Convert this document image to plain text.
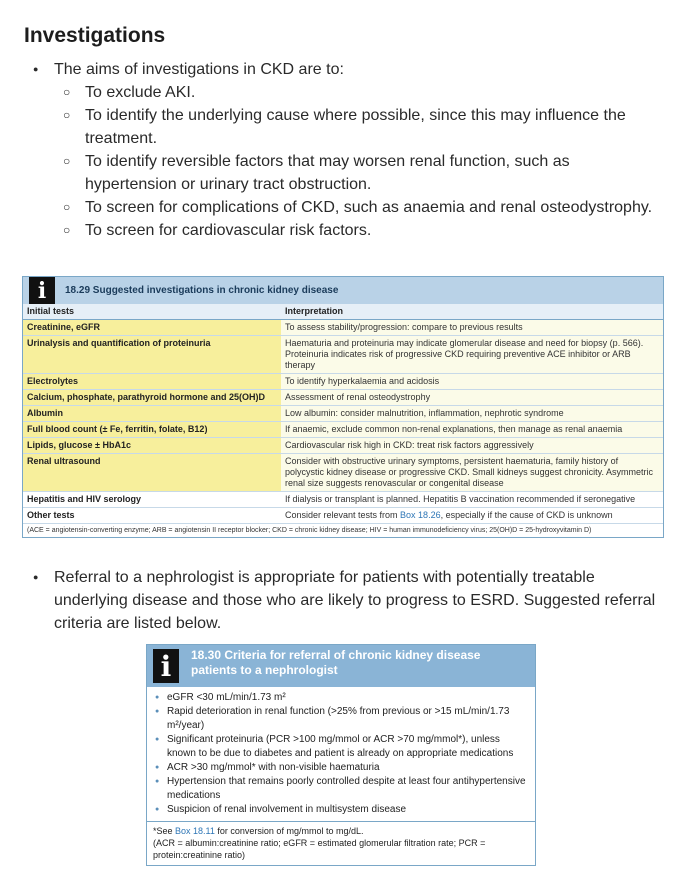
Investigations
● The aims of investigations in CKD are to:
○ To exclude AKI.
○ To identify the underlying cause where possible, since this may influence the treatment.
○ To identify reversible factors that may worsen renal function, such as hypertension or urinary tract obstruction.
○ To screen for complications of CKD, such as anaemia and renal osteodystrophy.
○ To screen for cardiovascular risk factors.
i	18.29 Suggested investigations in chronic kidney disease
Initial tests	Interpretation
Creatinine, eGFR	To assess stability/progression: compare to previous results
Urinalysis and quantification of proteinuria	Haematuria and proteinuria may indicate glomerular disease and need for biopsy (p. 566). Proteinuria indicates risk of progressive CKD requiring preventive ACE inhibitor or ARB therapy
Electrolytes	To identify hyperkalaemia and acidosis
Calcium, phosphate, parathyroid hormone and 25(OH)D	Assessment of renal osteodystrophy
Albumin	Low albumin: consider malnutrition, inflammation, nephrotic syndrome
Full blood count (± Fe, ferritin, folate, B12)	If anaemic, exclude common non-renal explanations, then manage as renal anaemia
Lipids, glucose ± HbA1c	Cardiovascular risk high in CKD: treat risk factors aggressively
Renal ultrasound	Consider with obstructive urinary symptoms, persistent haematuria, family history of polycystic kidney disease or progressive CKD. Small kidneys suggest chronicity. Asymmetric renal size suggests renovascular or congenital disease
Hepatitis and HIV serology	If dialysis or transplant is planned. Hepatitis B vaccination recommended if seronegative
Other tests	Consider relevant tests from Box 18.26, especially if the cause of CKD is unknown
(ACE = angiotensin-converting enzyme; ARB = angiotensin II receptor blocker; CKD = chronic kidney disease; HIV = human immunodeficiency virus; 25(OH)D = 25-hydroxyvitamin D)
● Referral to a nephrologist is appropriate for patients with potentially treatable underlying disease and those who are likely to progress to ESRD. Suggested referral criteria are listed below.
i	18.30 Criteria for referral of chronic kidney disease patients to a nephrologist
● eGFR <30 mL/min/1.73 m²
● Rapid deterioration in renal function (>25% from previous or >15 mL/min/1.73 m²/year)
● Significant proteinuria (PCR >100 mg/mmol or ACR >70 mg/mmol*), unless known to be due to diabetes and patient is already on appropriate medications
● ACR >30 mg/mmol* with non-visible haematuria
● Hypertension that remains poorly controlled despite at least four antihypertensive medications
● Suspicion of renal involvement in multisystem disease
*See Box 18.11 for conversion of mg/mmol to mg/dL.
(ACR = albumin:creatinine ratio; eGFR = estimated glomerular filtration rate; PCR = protein:creatinine ratio)
